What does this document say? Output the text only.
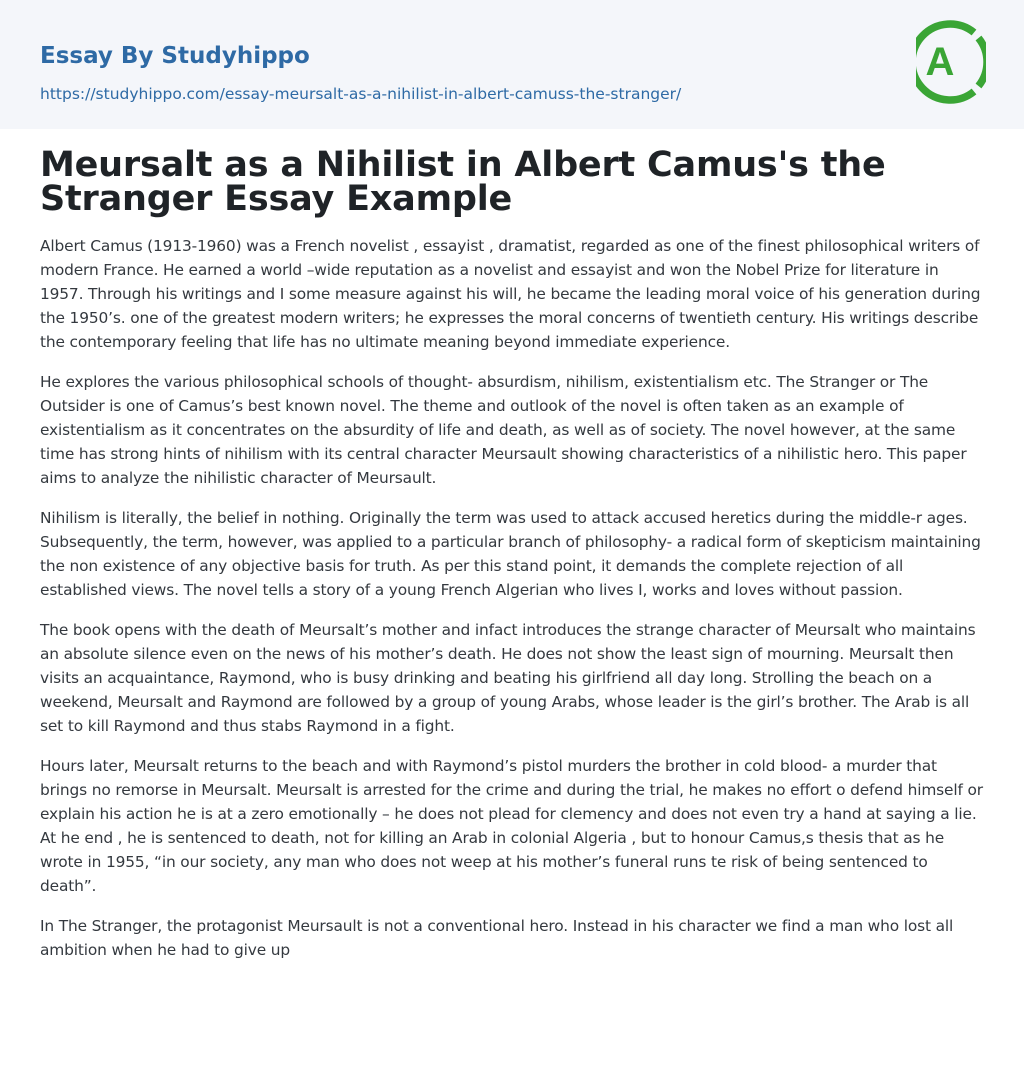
Essay By Studyhippo
https://studyhippo.com/essay-meursalt-as-a-nihilist-in-albert-camuss-the-stranger/
A
Meursalt as a Nihilist in Albert Camus's the Stranger Essay Example

Albert Camus (1913-1960) was a French novelist , essayist , dramatist, regarded as one of the finest philosophical writers of modern France. He earned a world –wide reputation as a novelist and essayist and won the Nobel Prize for literature in 1957. Through his writings and I some measure against his will, he became the leading moral voice of his generation during the 1950’s. one of the greatest modern writers; he expresses the moral concerns of twentieth century. His writings describe the contemporary feeling that life has no ultimate meaning beyond immediate experience.

He explores the various philosophical schools of thought- absurdism, nihilism, existentialism etc. The Stranger or The Outsider is one of Camus’s best known novel. The theme and outlook of the novel is often taken as an example of existentialism as it concentrates on the absurdity of life and death, as well as of society. The novel however, at the same time has strong hints of nihilism with its central character Meursault showing characteristics of a nihilistic hero. This paper aims to analyze the nihilistic character of Meursault.

Nihilism is literally, the belief in nothing. Originally the term was used to attack accused heretics during the middle-r ages. Subsequently, the term, however, was applied to a particular branch of philosophy- a radical form of skepticism maintaining the non existence of any objective basis for truth. As per this stand point, it demands the complete rejection of all established views. The novel tells a story of a young French Algerian who lives I, works and loves without passion.

The book opens with the death of Meursalt’s mother and infact introduces the strange character of Meursalt who maintains an absolute silence even on the news of his mother’s death. He does not show the least sign of mourning. Meursalt then visits an acquaintance, Raymond, who is busy drinking and beating his girlfriend all day long. Strolling the beach on a weekend, Meursalt and Raymond are followed by a group of young Arabs, whose leader is the girl’s brother. The Arab is all set to kill Raymond and thus stabs Raymond in a fight.

Hours later, Meursalt returns to the beach and with Raymond’s pistol murders the brother in cold blood- a murder that brings no remorse in Meursalt. Meursalt is arrested for the crime and during the trial, he makes no effort o defend himself or explain his action he is at a zero emotionally – he does not plead for clemency and does not even try a hand at saying a lie. At he end , he is sentenced to death, not for killing an Arab in colonial Algeria , but to honour Camus,s thesis that as he wrote in 1955, “in our society, any man who does not weep at his mother’s funeral runs te risk of being sentenced to death”.

In The Stranger, the protagonist Meursault is not a conventional hero. Instead in his character we find a man who lost all ambition when he had to give up
